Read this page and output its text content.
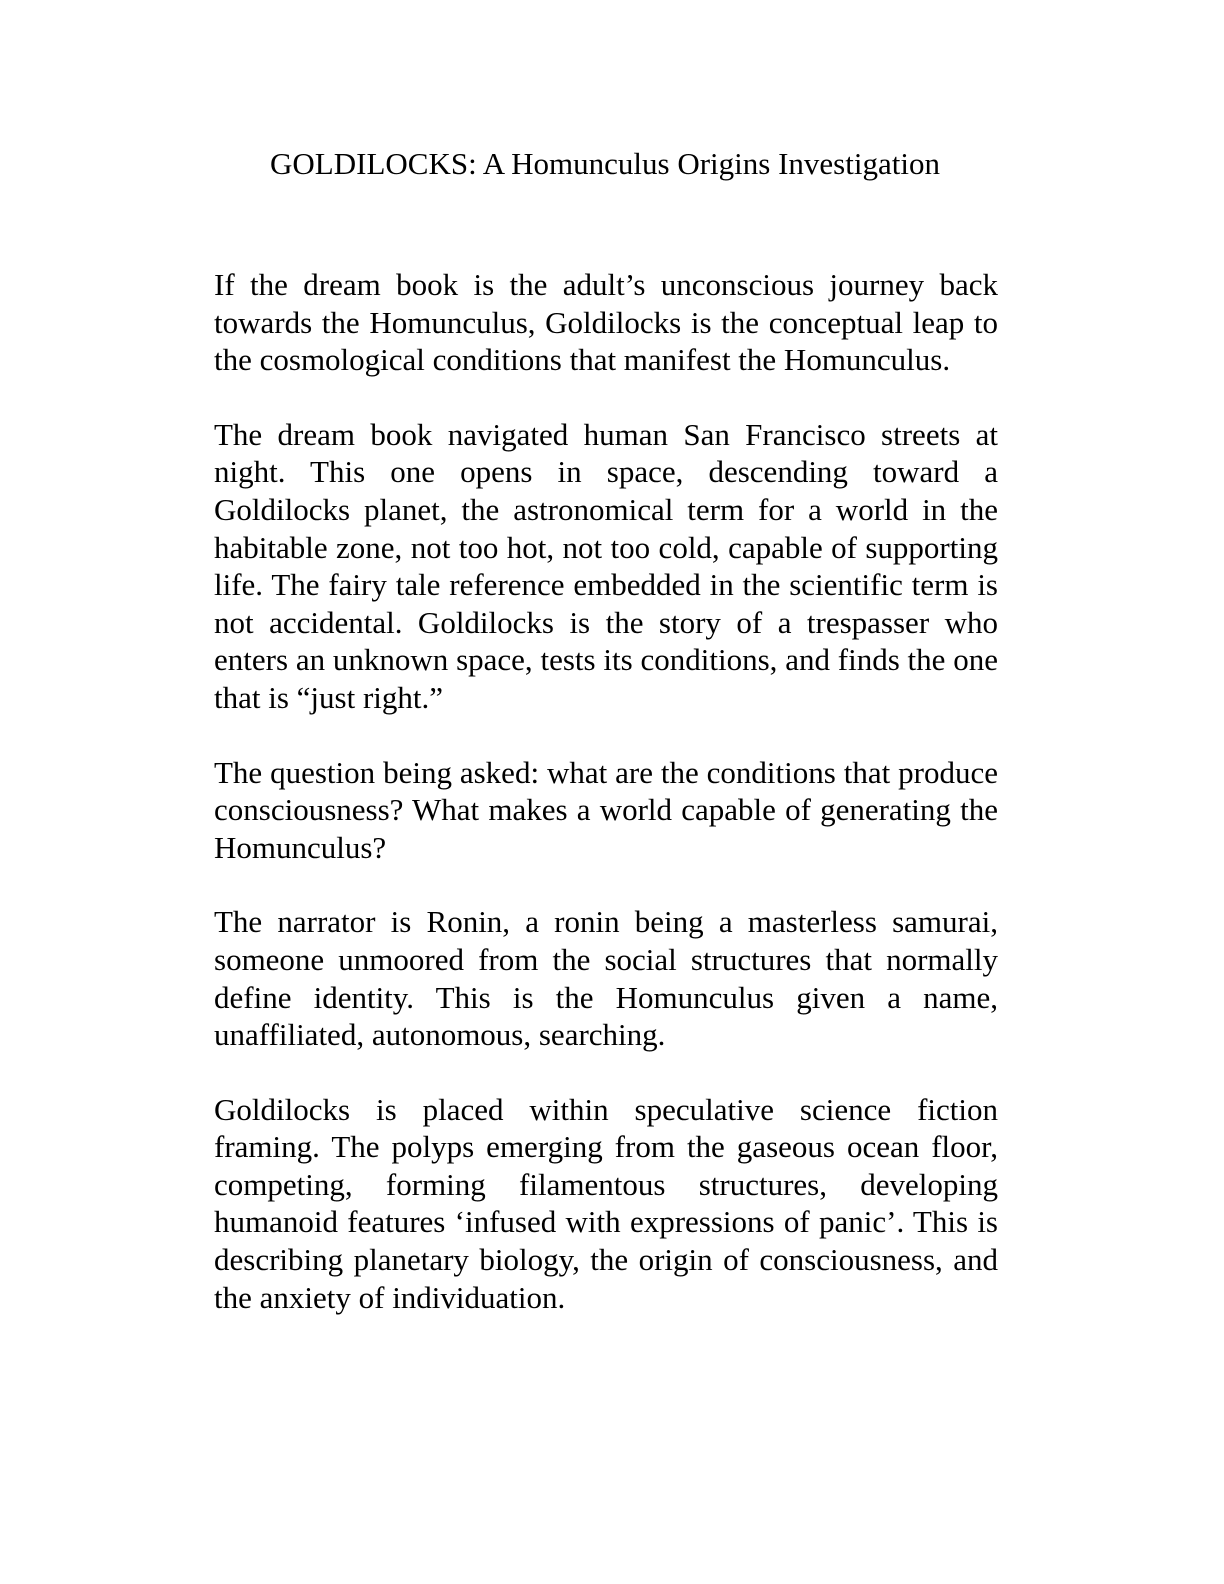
GOLDILOCKS: A Homunculus Origins Investigation

If the dream book is the adult’s unconscious journey back towards the Homunculus, Goldilocks is the conceptual leap to the cosmological conditions that manifest the Homunculus.

The dream book navigated human San Francisco streets at night. This one opens in space, descending toward a Goldilocks planet, the astronomical term for a world in the habitable zone, not too hot, not too cold, capable of supporting life. The fairy tale reference embedded in the scientific term is not accidental. Goldilocks is the story of a trespasser who enters an unknown space, tests its conditions, and finds the one that is “just right.”

The question being asked: what are the conditions that produce consciousness? What makes a world capable of generating the Homunculus?

The narrator is Ronin, a ronin being a masterless samurai, someone unmoored from the social structures that normally define identity. This is the Homunculus given a name, unaffiliated, autonomous, searching.

Goldilocks is placed within speculative science fiction framing. The polyps emerging from the gaseous ocean floor, competing, forming filamentous structures, developing humanoid features ‘infused with expressions of panic’. This is describing planetary biology, the origin of consciousness, and the anxiety of individuation.
